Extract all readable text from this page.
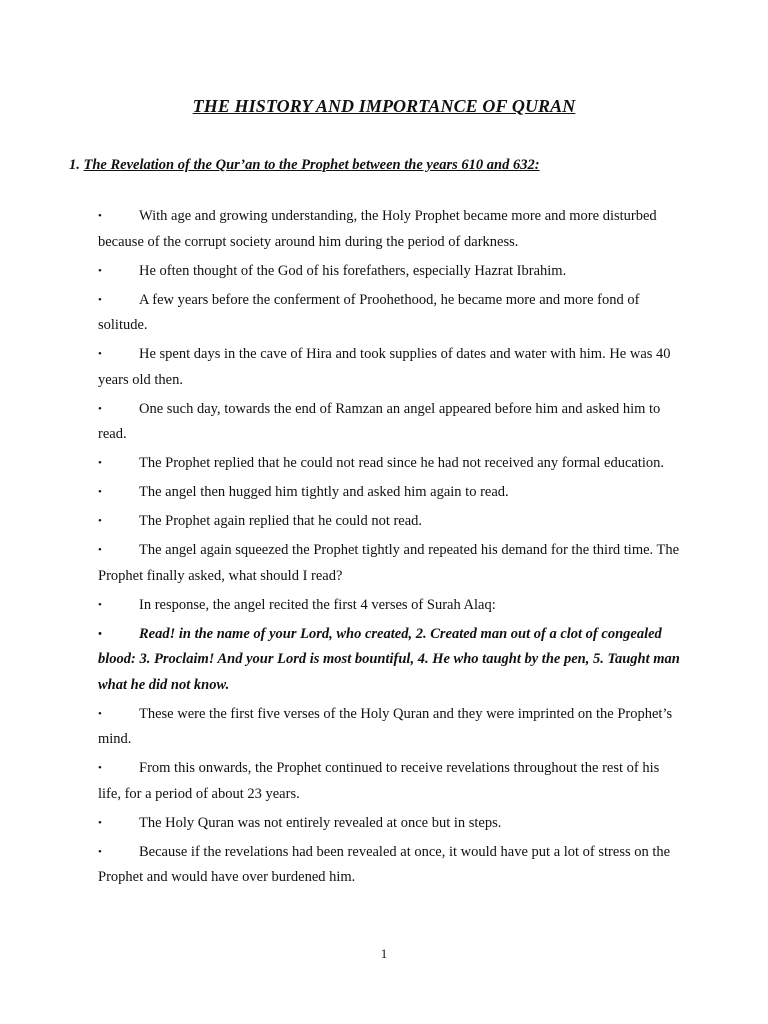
THE HISTORY AND IMPORTANCE OF QURAN
1. The Revelation of the Qur’an to the Prophet between the years 610 and 632:
•	With age and growing understanding, the Holy Prophet became more and more disturbed because of the corrupt society around him during the period of darkness.
•	He often thought of the God of his forefathers, especially Hazrat Ibrahim.
•	A few years before the conferment of Proohethood, he became more and more fond of solitude.
•	He spent days in the cave of Hira and took supplies of dates and water with him. He was 40 years old then.
•	One such day, towards the end of Ramzan an angel appeared before him and asked him to read.
•	The Prophet replied that he could not read since he had not received any formal education.
•	The angel then hugged him tightly and asked him again to read.
•	The Prophet again replied that he could not read.
•	The angel again squeezed the Prophet tightly and repeated his demand for the third time. The Prophet finally asked, what should I read?
•	In response, the angel recited the first 4 verses of Surah Alaq:
•	Read! in the name of your Lord, who created, 2. Created man out of a clot of congealed blood: 3. Proclaim! And your Lord is most bountiful, 4. He who taught by the pen, 5. Taught man what he did not know.
•	These were the first five verses of the Holy Quran and they were imprinted on the Prophet’s mind.
•	From this onwards, the Prophet continued to receive revelations throughout the rest of his life, for a period of about 23 years.
•	The Holy Quran was not entirely revealed at once but in steps.
•	Because if the revelations had been revealed at once, it would have put a lot of stress on the Prophet and would have over burdened him.
1
